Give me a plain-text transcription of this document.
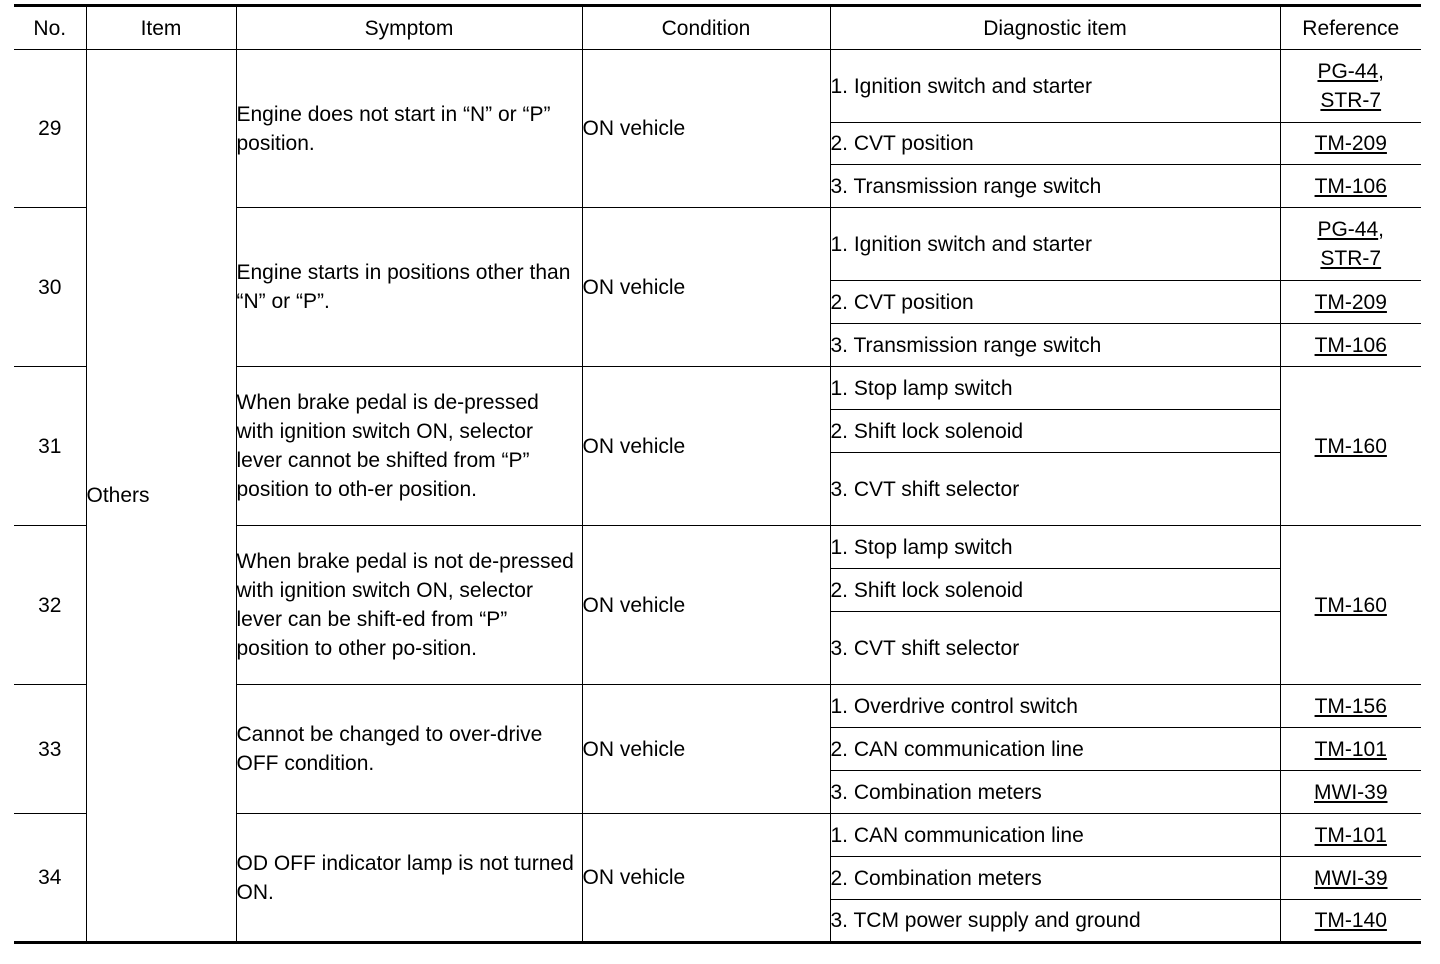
No.	Item	Symptom	Condition	Diagnostic item	Reference
29	Others	Engine does not start in “N” or “P” position.	ON vehicle	1. Ignition switch and starter	PG-44,
STR-7
				2. CVT position	TM-209
				3. Transmission range switch	TM-106
30		Engine starts in positions other than “N” or “P”.	ON vehicle	1. Ignition switch and starter	PG-44,
STR-7
				2. CVT position	TM-209
				3. Transmission range switch	TM-106
31		When brake pedal is de-pressed with ignition switch ON, selector lever cannot be shifted from “P” position to oth-er position.	ON vehicle	1. Stop lamp switch	TM-160
				2. Shift lock solenoid	
				3. CVT shift selector	
32		When brake pedal is not de-pressed with ignition switch ON, selector lever can be shift-ed from “P” position to other po-sition.	ON vehicle	1. Stop lamp switch	TM-160
				2. Shift lock solenoid	
				3. CVT shift selector	
33		Cannot be changed to over-drive OFF condition.	ON vehicle	1. Overdrive control switch	TM-156
				2. CAN communication line	TM-101
				3. Combination meters	MWI-39
34		OD OFF indicator lamp is not turned ON.	ON vehicle	1. CAN communication line	TM-101
				2. Combination meters	MWI-39
				3. TCM power supply and ground	TM-140
